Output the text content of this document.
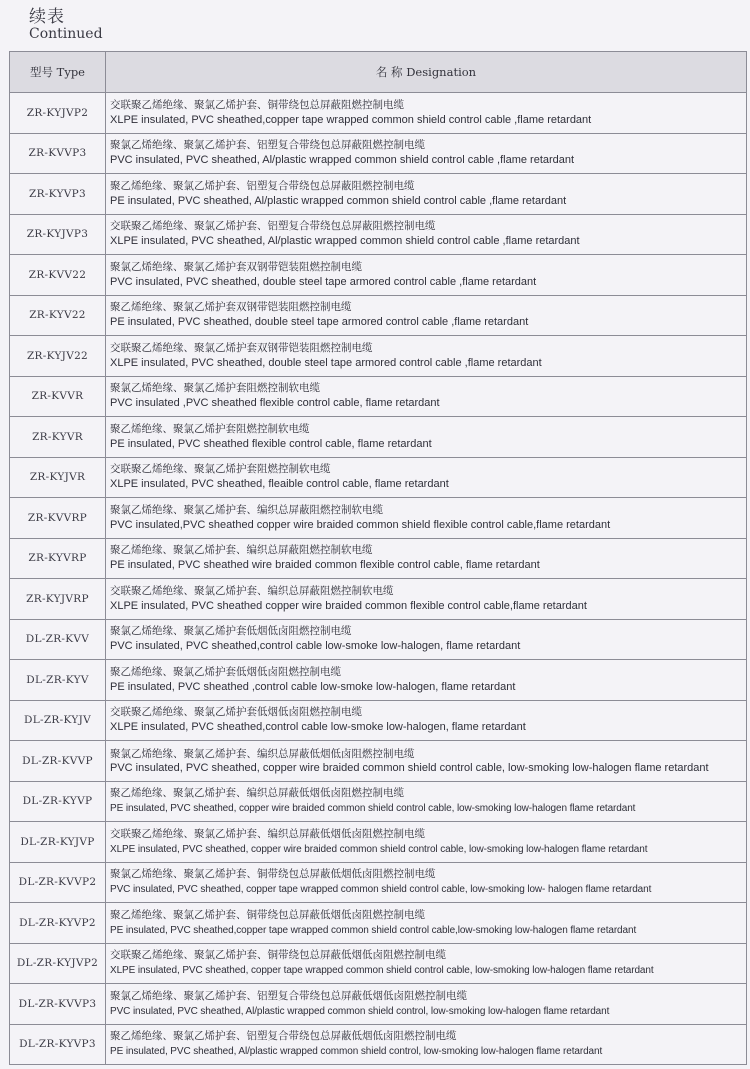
续表
Continued
型号 Type	名 称 Designation
ZR-KYJVP2	交联聚乙烯绝缘、聚氯乙烯护套、铜带绕包总屏蔽阻燃控制电缆
XLPE insulated, PVC sheathed,copper tape wrapped common shield control cable ,flame retardant

ZR-KVVP3	聚氯乙烯绝缘、聚氯乙烯护套、铝塑复合带绕包总屏蔽阻燃控制电缆
PVC insulated, PVC sheathed, Al/plastic wrapped common shield control cable ,flame retardant

ZR-KYVP3	聚乙烯绝缘、聚氯乙烯护套、铝塑复合带绕包总屏蔽阻燃控制电缆
PE insulated, PVC sheathed, Al/plastic wrapped common shield control cable ,flame retardant

ZR-KYJVP3	交联聚乙烯绝缘、聚氯乙烯护套、铝塑复合带绕包总屏蔽阻燃控制电缆
XLPE insulated, PVC sheathed, Al/plastic wrapped common shield control cable ,flame retardant

ZR-KVV22	聚氯乙烯绝缘、聚氯乙烯护套双钢带铠装阻燃控制电缆
PVC insulated, PVC sheathed, double steel tape armored control cable ,flame retardant

ZR-KYV22	聚乙烯绝缘、聚氯乙烯护套双钢带铠装阻燃控制电缆
PE insulated, PVC sheathed, double steel tape armored control cable ,flame retardant

ZR-KYJV22	交联聚乙烯绝缘、聚氯乙烯护套双钢带铠装阻燃控制电缆
XLPE insulated, PVC sheathed, double steel tape armored control cable ,flame retardant

ZR-KVVR	聚氯乙烯绝缘、聚氯乙烯护套阻燃控制软电缆
PVC insulated ,PVC sheathed flexible control cable, flame retardant

ZR-KYVR	聚乙烯绝缘、聚氯乙烯护套阻燃控制软电缆
PE insulated, PVC sheathed flexible control cable, flame retardant

ZR-KYJVR	交联聚乙烯绝缘、聚氯乙烯护套阻燃控制软电缆
XLPE insulated, PVC sheathed, fleaible control cable, flame retardant

ZR-KVVRP	聚氯乙烯绝缘、聚氯乙烯护套、编织总屏蔽阻燃控制软电缆
PVC insulated,PVC sheathed copper wire braided common shield flexible control cable,flame retardant

ZR-KYVRP	聚乙烯绝缘、聚氯乙烯护套、编织总屏蔽阻燃控制软电缆
PE insulated, PVC sheathed wire braided common flexible control cable, flame retardant

ZR-KYJVRP	交联聚乙烯绝缘、聚氯乙烯护套、编织总屏蔽阻燃控制软电缆
XLPE insulated, PVC sheathed copper wire braided common flexible control cable,flame retardant

DL-ZR-KVV	聚氯乙烯绝缘、聚氯乙烯护套低烟低卤阻燃控制电缆
PVC insulated, PVC sheathed,control cable low-smoke low-halogen, flame retardant

DL-ZR-KYV	聚乙烯绝缘、聚氯乙烯护套低烟低卤阻燃控制电缆
PE insulated, PVC sheathed ,control cable low-smoke low-halogen, flame retardant

DL-ZR-KYJV	交联聚乙烯绝缘、聚氯乙烯护套低烟低卤阻燃控制电缆
XLPE insulated, PVC sheathed,control cable low-smoke low-halogen, flame retardant

DL-ZR-KVVP	聚氯乙烯绝缘、聚氯乙烯护套、编织总屏蔽低烟低卤阻燃控制电缆
PVC insulated, PVC sheathed, copper wire braided common shield control cable, low-smoking low-halogen flame retardant

DL-ZR-KYVP	聚乙烯绝缘、聚氯乙烯护套、编织总屏蔽低烟低卤阻燃控制电缆
PE insulated, PVC sheathed, copper wire braided common shield control cable, low-smoking low-halogen flame retardant

DL-ZR-KYJVP	交联聚乙烯绝缘、聚氯乙烯护套、编织总屏蔽低烟低卤阻燃控制电缆
XLPE insulated, PVC sheathed, copper wire braided common shield control cable, low-smoking low-halogen flame retardant

DL-ZR-KVVP2	聚氯乙烯绝缘、聚氯乙烯护套、铜带绕包总屏蔽低烟低卤阻燃控制电缆
PVC insulated, PVC sheathed, copper tape wrapped common shield control cable, low-smoking low- halogen flame retardant

DL-ZR-KYVP2	聚乙烯绝缘、聚氯乙烯护套、铜带绕包总屏蔽低烟低卤阻燃控制电缆
PE insulated, PVC sheathed,copper tape wrapped common shield control cable,low-smoking low-halogen flame retardant

DL-ZR-KYJVP2	交联聚乙烯绝缘、聚氯乙烯护套、铜带绕包总屏蔽低烟低卤阻燃控制电缆
XLPE insulated, PVC sheathed, copper tape wrapped common shield control cable, low-smoking low-halogen flame retardant

DL-ZR-KVVP3	聚氯乙烯绝缘、聚氯乙烯护套、铝塑复合带绕包总屏蔽低烟低卤阻燃控制电缆
PVC insulated, PVC sheathed, Al/plastic wrapped common shield control, low-smoking low-halogen flame retardant

DL-ZR-KYVP3	聚乙烯绝缘、聚氯乙烯护套、铝塑复合带绕包总屏蔽低烟低卤阻燃控制电缆
PE insulated, PVC sheathed, Al/plastic wrapped common shield control, low-smoking low-halogen flame retardant
